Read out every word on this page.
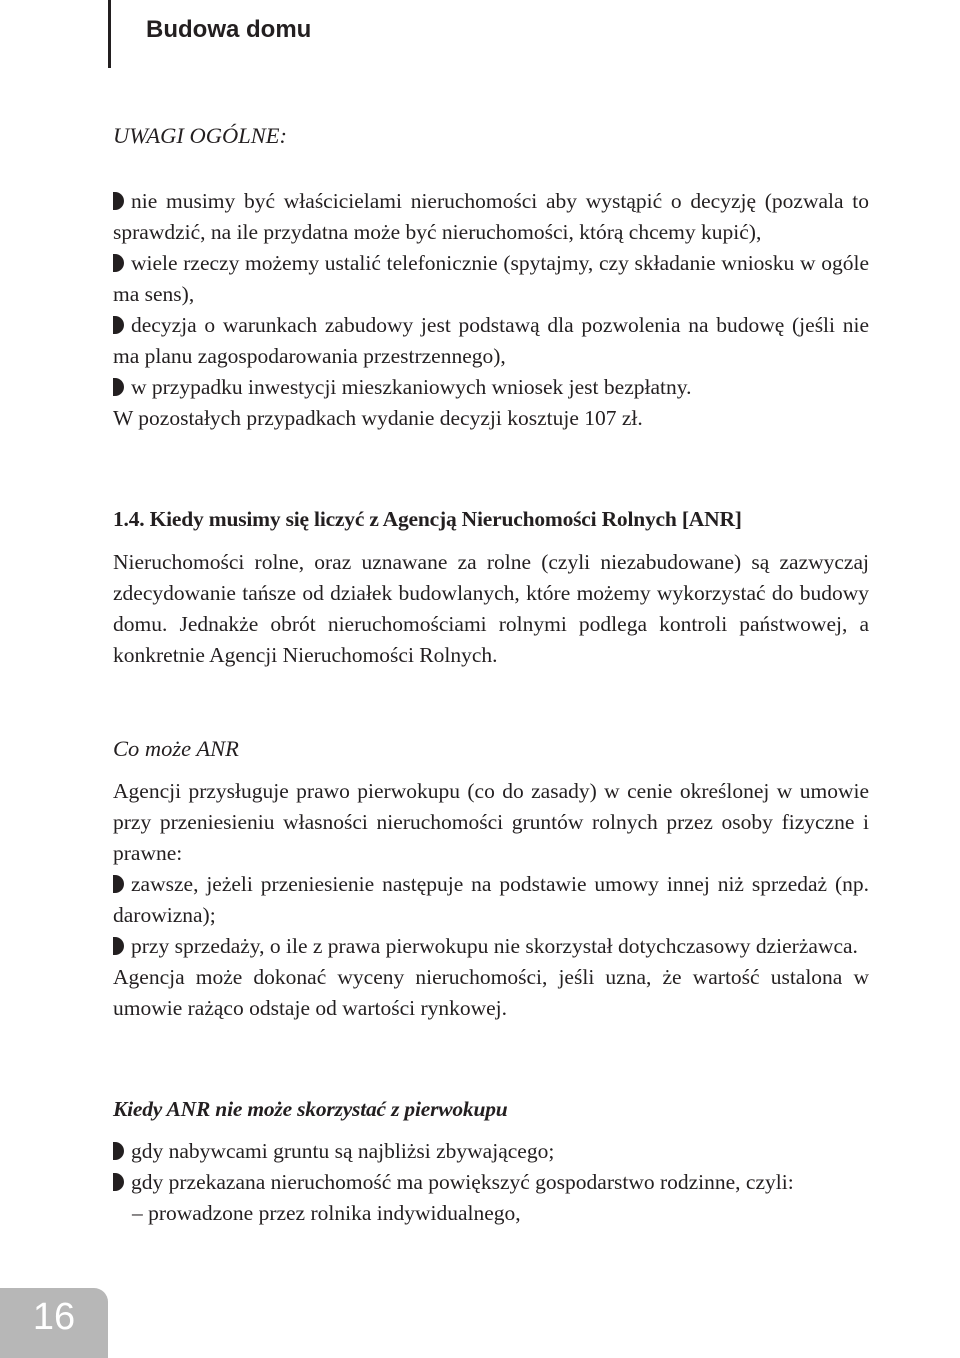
Budowa domu
UWAGI OGÓLNE:

nie musimy być właścicielami nieruchomości aby wystąpić o decyzję (pozwala to sprawdzić, na ile przydatna może być nieruchomości, którą chcemy kupić),

wiele rzeczy możemy ustalić telefonicznie (spytajmy, czy składanie wniosku w ogóle ma sens),

decyzja o warunkach zabudowy jest podstawą dla pozwolenia na budowę (jeśli nie ma planu zagospodarowania przestrzennego),

w przypadku inwestycji mieszkaniowych wniosek jest bezpłatny.

W pozostałych przypadkach wydanie decyzji kosztuje 107 zł.

1.4. Kiedy musimy się liczyć z Agencją Nieruchomości Rolnych [ANR]

Nieruchomości rolne, oraz uznawane za rolne (czyli niezabudowane) są zazwyczaj zdecydowanie tańsze od działek budowlanych, które możemy wykorzystać do budowy domu. Jednakże obrót nieruchomościami rolnymi podlega kontroli państwowej, a konkretnie Agencji Nieruchomości Rolnych.

Co może ANR

Agencji przysługuje prawo pierwokupu (co do zasady) w cenie określonej w umowie przy przeniesieniu własności nieruchomości gruntów rolnych przez osoby fizyczne i prawne:

zawsze, jeżeli przeniesienie następuje na podstawie umowy innej niż sprzedaż (np. darowizna);

przy sprzedaży, o ile z prawa pierwokupu nie skorzystał dotychczasowy dzierżawca.

Agencja może dokonać wyceny nieruchomości, jeśli uzna, że wartość ustalona w umowie rażąco odstaje od wartości rynkowej.

Kiedy ANR nie może skorzystać z pierwokupu

gdy nabywcami gruntu są najbliżsi zbywającego;

gdy przekazana nieruchomość ma powiększyć gospodarstwo rodzinne, czyli:

– prowadzone przez rolnika indywidualnego,

16
